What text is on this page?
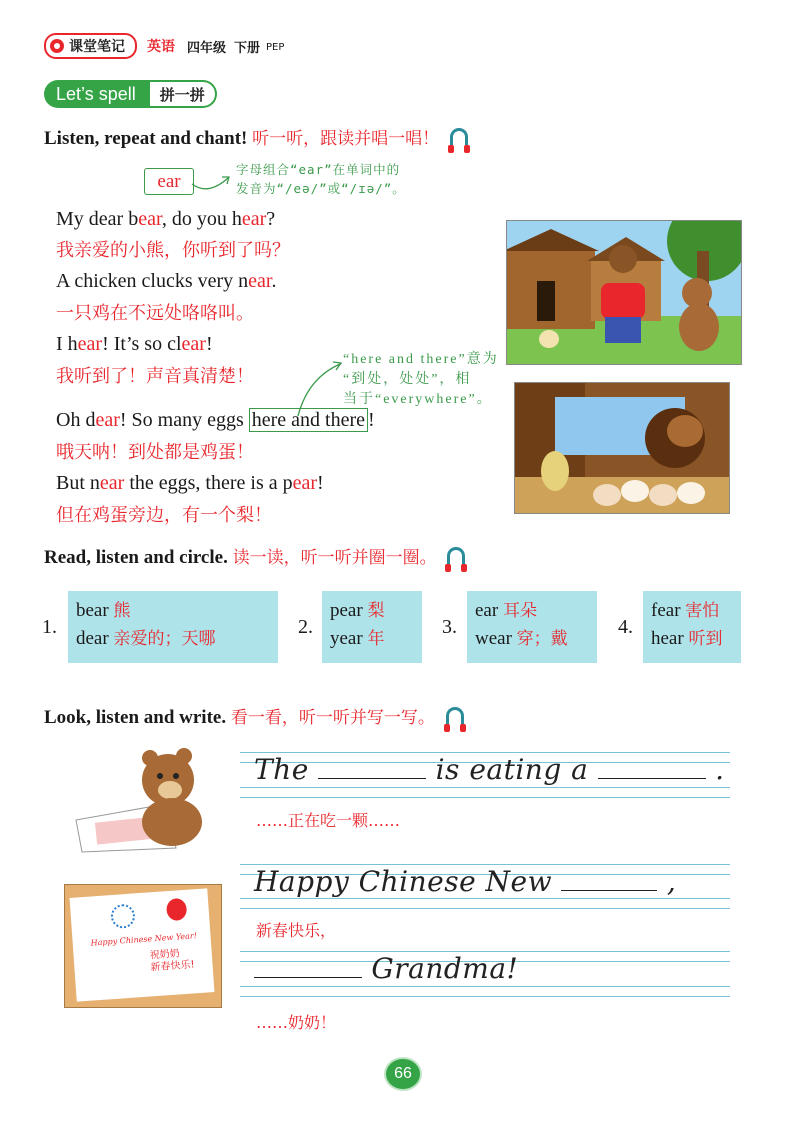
课堂笔记 英语 四年级 下册 PEP
Let’s spell	拼一拼
Listen, repeat and chant! 听一听，跟读并唱一唱！
ear
字母组合“ear”在单词中的
发音为“/eə/”或“/ɪə/”。
My dear bear, do you hear?
我亲爱的小熊，你听到了吗？
A chicken clucks very near.
一只鸡在不远处咯咯叫。
I hear! It’s so clear!
我听到了！声音真清楚！
Oh dear! So many eggs here and there !
哦天呐！到处都是鸡蛋！
But near the eggs, there is a pear!
但在鸡蛋旁边，有一个梨！
“here and there”意为
“到处，处处”，相
当于“everywhere”。
Read, listen and circle. 读一读，听一听并圈一圈。
1.
bear 熊
dear 亲爱的；天哪
2.
pear 梨
year 年
3.
ear 耳朵
wear 穿；戴
4.
fear 害怕
hear 听到
Look, listen and write. 看一看，听一听并写一写。
Happy Chinese New Year!
祝奶奶
新春快乐!
The	is eating a	.
……正在吃一颗……
Happy Chinese New	,
新春快乐，
Grandma!
……奶奶！
66
